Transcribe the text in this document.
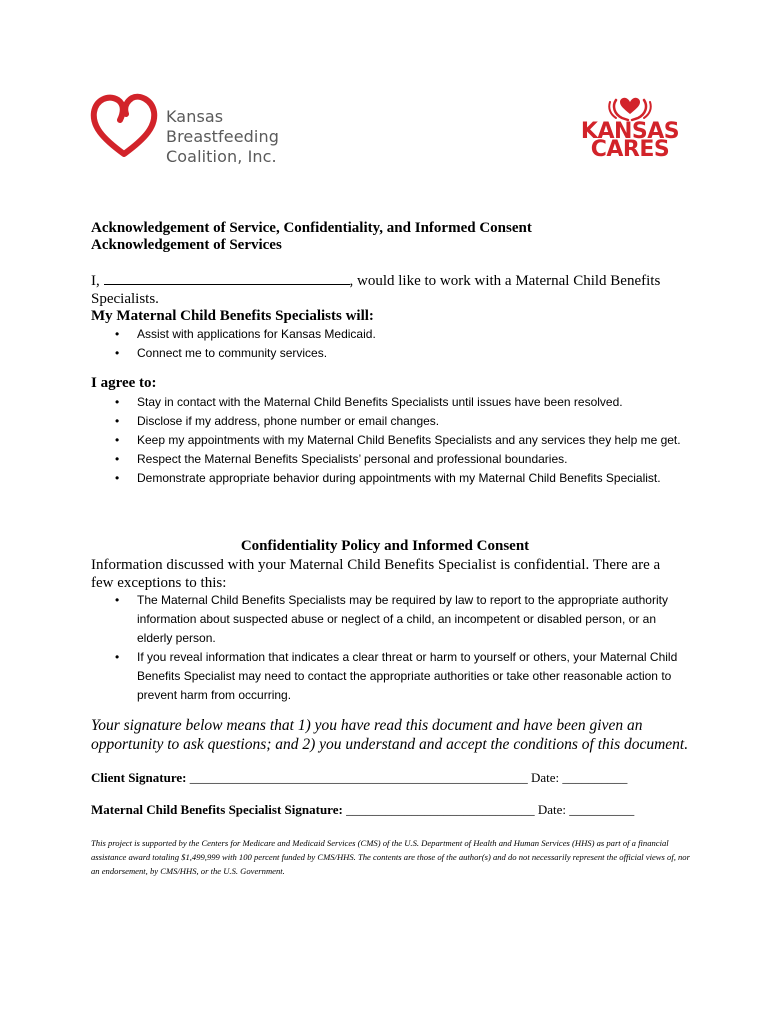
Kansas
Breastfeeding
Coalition, Inc.
KANSAS
CARES
Acknowledgement of Service, Confidentiality, and Informed Consent
Acknowledgement of Services
I,	, would like to work with a Maternal Child Benefits Specialists.
My Maternal Child Benefits Specialists will:
• Assist with applications for Kansas Medicaid.
• Connect me to community services.
I agree to:
• Stay in contact with the Maternal Child Benefits Specialists until issues have been resolved.
• Disclose if my address, phone number or email changes.
• Keep my appointments with my Maternal Child Benefits Specialists and any services they help me get.
• Respect the Maternal Benefits Specialists’ personal and professional boundaries.
• Demonstrate appropriate behavior during appointments with my Maternal Child Benefits Specialist.
Confidentiality Policy and Informed Consent
Information discussed with your Maternal Child Benefits Specialist is confidential. There are a few exceptions to this:
• The Maternal Child Benefits Specialists may be required by law to report to the appropriate authority information about suspected abuse or neglect of a child, an incompetent or disabled person, or an elderly person.
• If you reveal information that indicates a clear threat or harm to yourself or others, your Maternal Child Benefits Specialist may need to contact the appropriate authorities or take other reasonable action to prevent harm from occurring.
Your signature below means that 1) you have read this document and have been given an opportunity to ask questions; and 2) you understand and accept the conditions of this document.
Client Signature: ____________________________________________________ Date: __________
Maternal Child Benefits Specialist Signature: _____________________________ Date: __________
This project is supported by the Centers for Medicare and Medicaid Services (CMS) of the U.S. Department of Health and Human Services (HHS) as part of a financial assistance award totaling $1,499,999 with 100 percent funded by CMS/HHS. The contents are those of the author(s) and do not necessarily represent the official views of, nor an endorsement, by CMS/HHS, or the U.S. Government.
